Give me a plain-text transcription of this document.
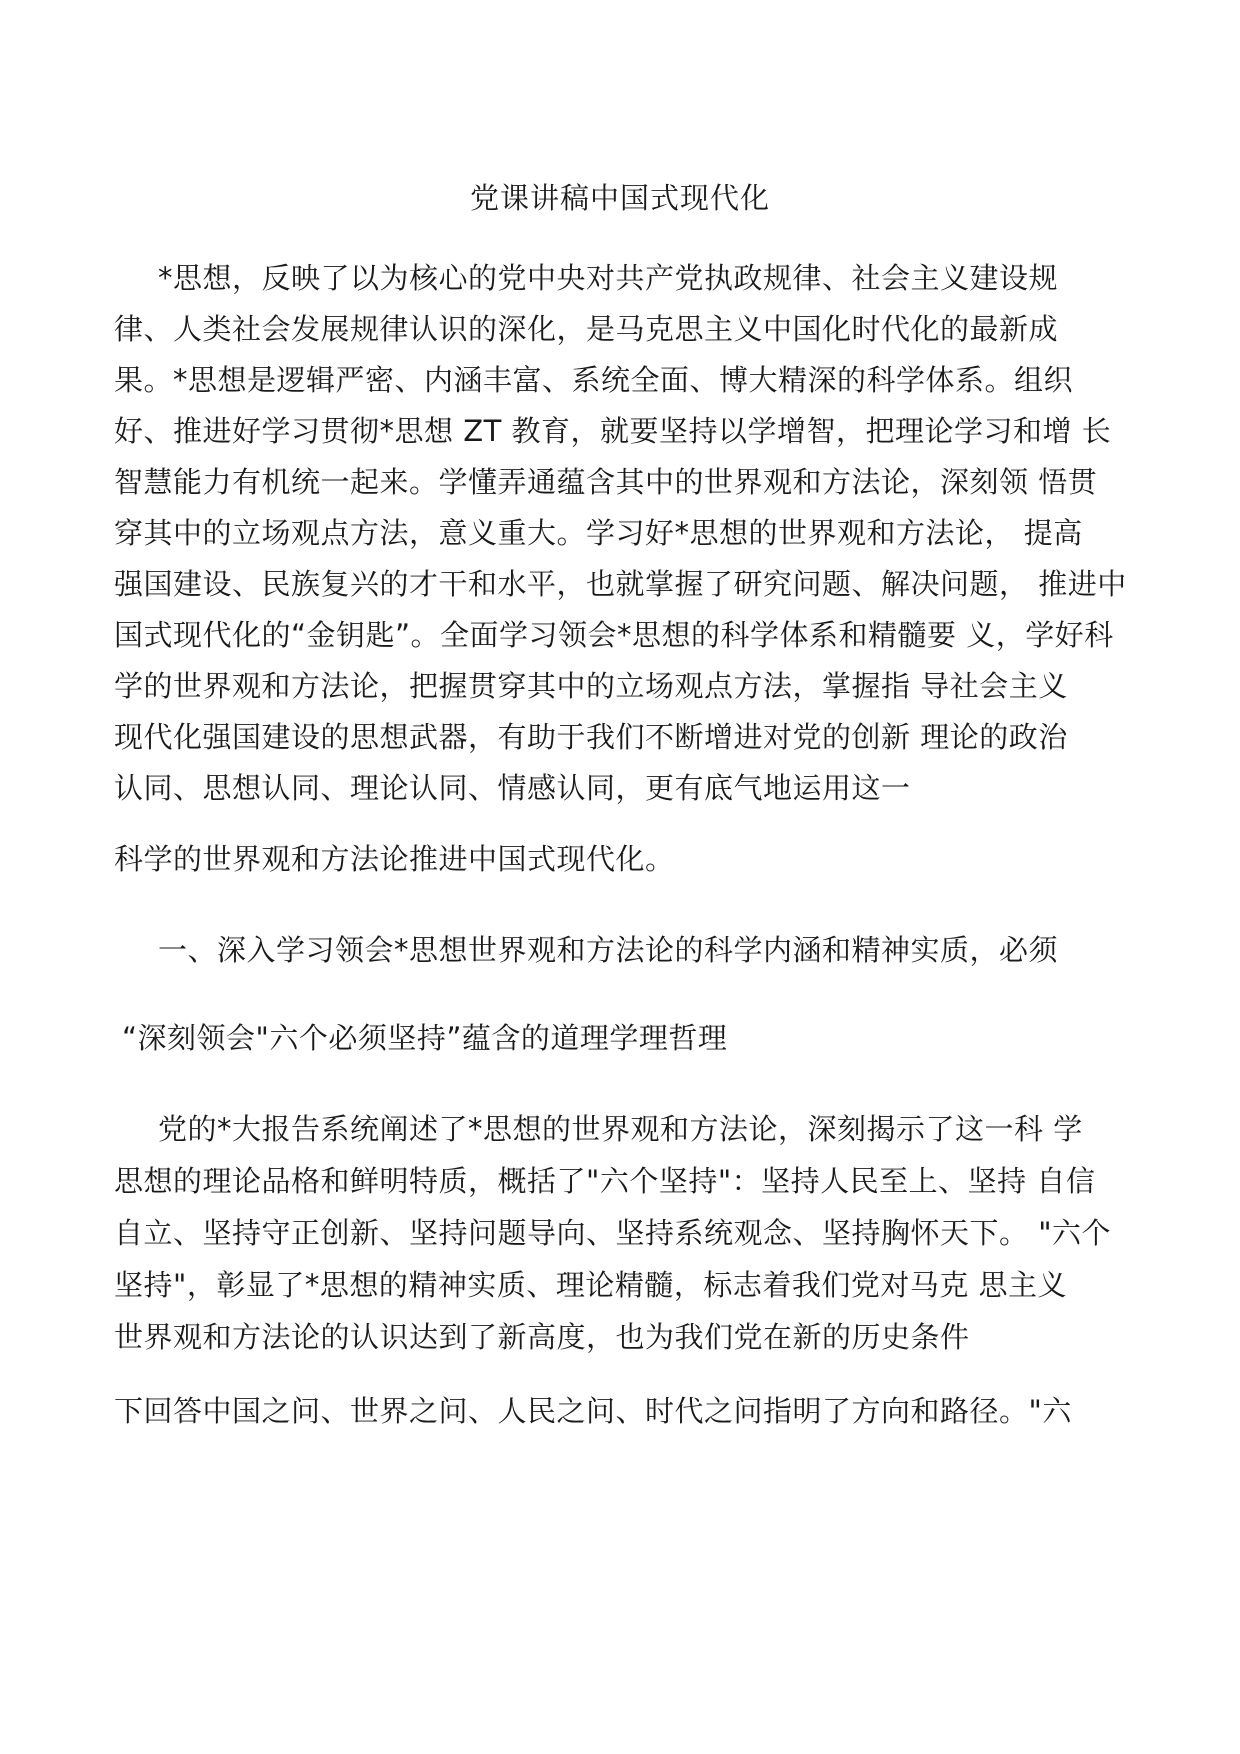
党课讲稿中国式现代化
*思想，反映了以为核心的党中央对共产党执政规律、社会主义建设规
律、人类社会发展规律认识的深化，是马克思主义中国化时代化的最新成
果。*思想是逻辑严密、内涵丰富、系统全面、博大精深的科学体系。组织
好、推进好学习贯彻*思想 ZT 教育，就要坚持以学增智，把理论学习和增 长
智慧能力有机统一起来。学懂弄通蕴含其中的世界观和方法论，深刻领 悟贯
穿其中的立场观点方法，意义重大。学习好*思想的世界观和方法论， 提高
强国建设、民族复兴的才干和水平，也就掌握了研究问题、解决问题， 推进中
国式现代化的“金钥匙”。全面学习领会*思想的科学体系和精髓要 义，学好科
学的世界观和方法论，把握贯穿其中的立场观点方法，掌握指 导社会主义
现代化强国建设的思想武器，有助于我们不断增进对党的创新 理论的政治
认同、思想认同、理论认同、情感认同，更有底气地运用这一
科学的世界观和方法论推进中国式现代化。
一、深入学习领会*思想世界观和方法论的科学内涵和精神实质，必须
“深刻领会"六个必须坚持”蕴含的道理学理哲理
党的*大报告系统阐述了*思想的世界观和方法论，深刻揭示了这一科 学
思想的理论品格和鲜明特质，概括了"六个坚持"：坚持人民至上、坚持 自信
自立、坚持守正创新、坚持问题导向、坚持系统观念、坚持胸怀天下。 "六个
坚持"，彰显了*思想的精神实质、理论精髓，标志着我们党对马克 思主义
世界观和方法论的认识达到了新高度，也为我们党在新的历史条件
下回答中国之问、世界之问、人民之问、时代之问指明了方向和路径。"六
